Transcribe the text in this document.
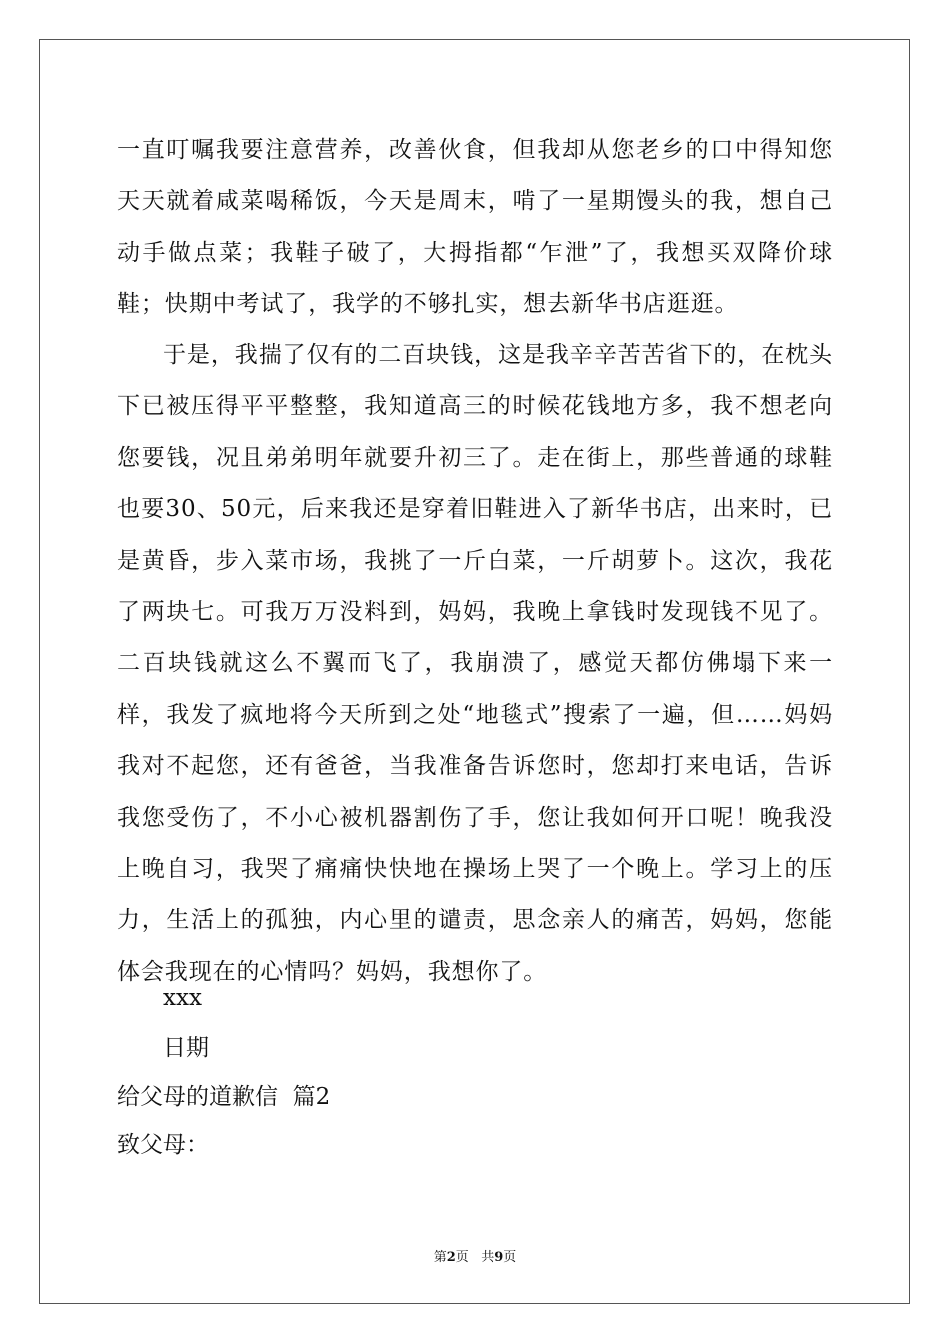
一直叮嘱我要注意营养，改善伙食，但我却从您老乡的口中得知您天天就着咸菜喝稀饭，今天是周末，啃了一星期馒头的我，想自己动手做点菜；我鞋子破了，大拇指都“乍泄”了，我想买双降价球鞋；快期中考试了，我学的不够扎实，想去新华书店逛逛。

于是，我揣了仅有的二百块钱，这是我辛辛苦苦省下的，在枕头下已被压得平平整整，我知道高三的时候花钱地方多，我不想老向您要钱，况且弟弟明年就要升初三了。走在街上，那些普通的球鞋也要30、50元，后来我还是穿着旧鞋进入了新华书店，出来时，已是黄昏，步入菜市场，我挑了一斤白菜，一斤胡萝卜。这次，我花了两块七。可我万万没料到，妈妈，我晚上拿钱时发现钱不见了。二百块钱就这么不翼而飞了，我崩溃了，感觉天都仿佛塌下来一样，我发了疯地将今天所到之处“地毯式”搜索了一遍，但……妈妈我对不起您，还有爸爸，当我准备告诉您时，您却打来电话，告诉我您受伤了，不小心被机器割伤了手，您让我如何开口呢！晚我没上晚自习，我哭了痛痛快快地在操场上哭了一个晚上。学习上的压力，生活上的孤独，内心里的谴责，思念亲人的痛苦，妈妈，您能体会我现在的心情吗？妈妈，我想你了。

xxx

日期

给父母的道歉信  篇2

致父母：

第2页   共9页
